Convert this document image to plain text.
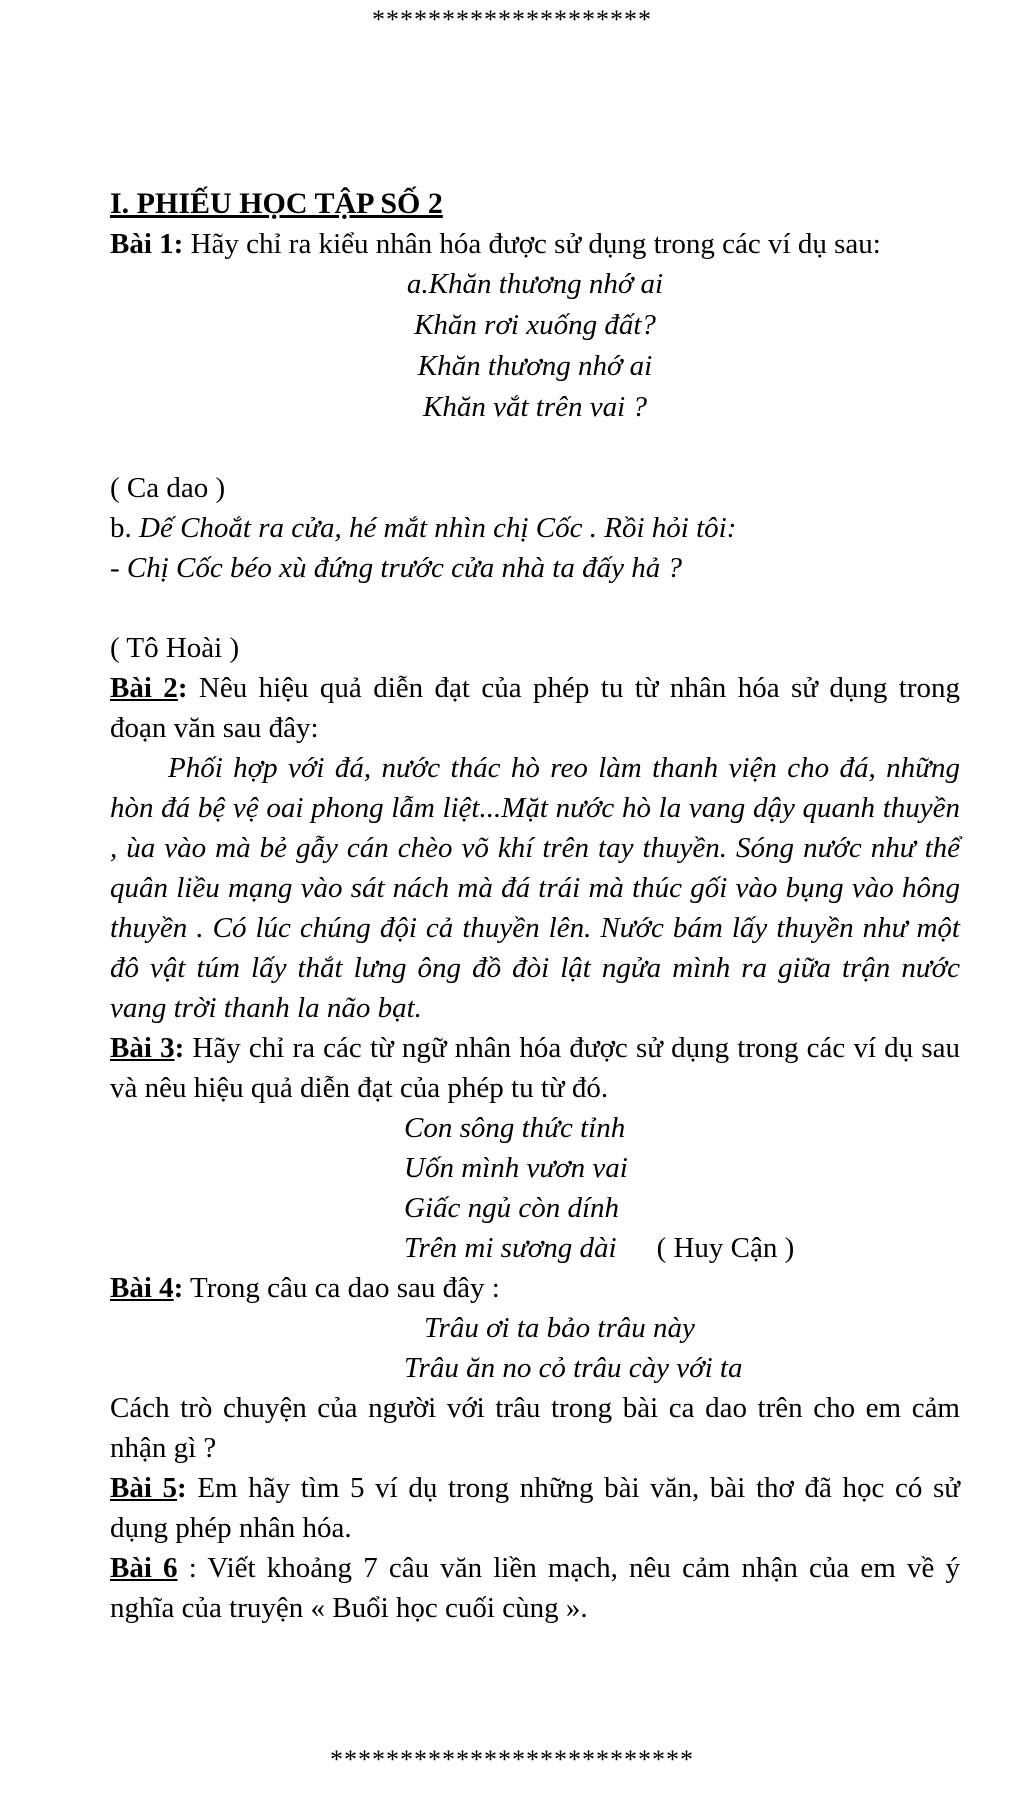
********************
I. PHIẾU HỌC TẬP SỐ 2
Bài 1: Hãy chỉ ra kiểu nhân hóa được sử dụng trong các ví dụ sau:
a.Khăn thương nhớ ai
Khăn rơi xuống đất?
Khăn thương nhớ ai
Khăn vắt trên vai ?
( Ca dao )
b. Dế Choắt ra cửa, hé mắt nhìn chị Cốc . Rồi hỏi tôi:
- Chị Cốc béo xù đứng trước cửa nhà ta đấy hả ?
( Tô Hoài )
Bài 2: Nêu hiệu quả diễn đạt của phép tu từ nhân hóa sử dụng trong đoạn văn sau đây:
Phối hợp với đá, nước thác hò reo làm thanh viện cho đá, những hòn đá bệ vệ oai phong lẫm liệt...Mặt nước hò la vang dậy quanh thuyền , ùa vào mà bẻ gẫy cán chèo võ khí trên tay thuyền. Sóng nước như thể quân liều mạng vào sát nách mà đá trái mà thúc gối vào bụng vào hông thuyền . Có lúc chúng đội cả thuyền lên. Nước bám lấy thuyền như một đô vật túm lấy thắt lưng ông đồ đòi lật ngửa mình ra giữa trận nước vang trời thanh la não bạt.
Bài 3: Hãy chỉ ra các từ ngữ nhân hóa được sử dụng trong các ví dụ sau và nêu hiệu quả diễn đạt của phép tu từ đó.
Con sông thức tỉnh
Uốn mình vươn vai
Giấc ngủ còn dính
Trên mi sương dài ( Huy Cận )
Bài 4: Trong câu ca dao sau đây :
Trâu ơi ta bảo trâu này
Trâu ăn no cỏ trâu cày với ta
Cách trò chuyện của người với trâu trong bài ca dao trên cho em cảm nhận gì ?
Bài 5: Em hãy tìm 5 ví dụ trong những bài văn, bài thơ đã học có sử dụng phép nhân hóa.
Bài 6 : Viết khoảng 7 câu văn liền mạch, nêu cảm nhận của em về ý nghĩa của truyện « Buổi học cuối cùng ».
**************************
